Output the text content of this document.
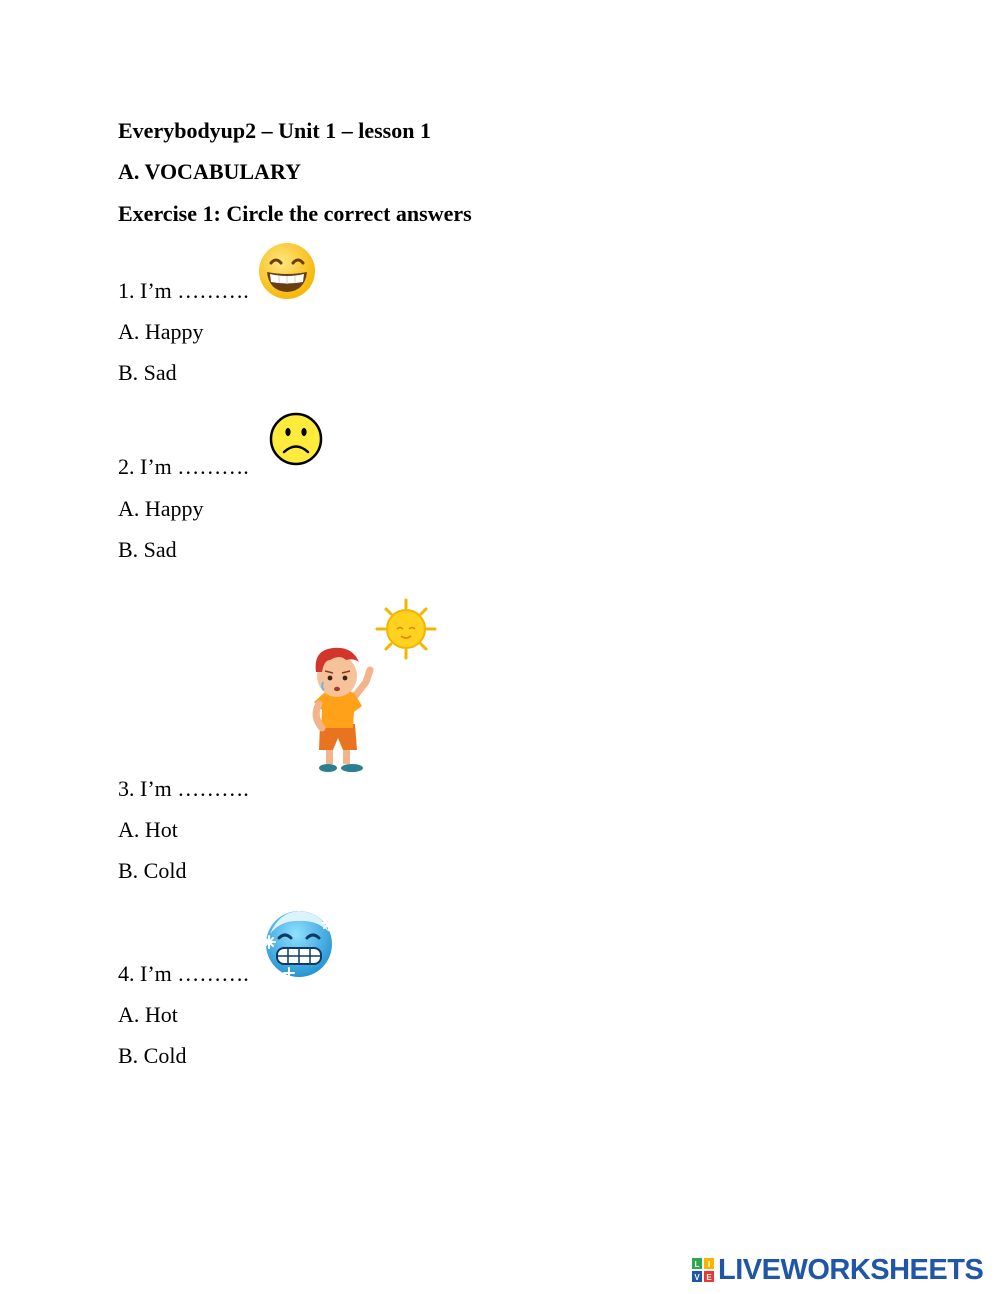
Everybodyup2 – Unit 1 – lesson 1
A. VOCABULARY
Exercise 1: Circle the correct answers
1. I’m ……….
A. Happy
B. Sad
2. I’m ……….
A. Happy
B. Sad
3. I’m ……….
A. Hot
B. Cold
4. I’m ……….
A. Hot
B. Cold
L I
V E LIVEWORKSHEETS
